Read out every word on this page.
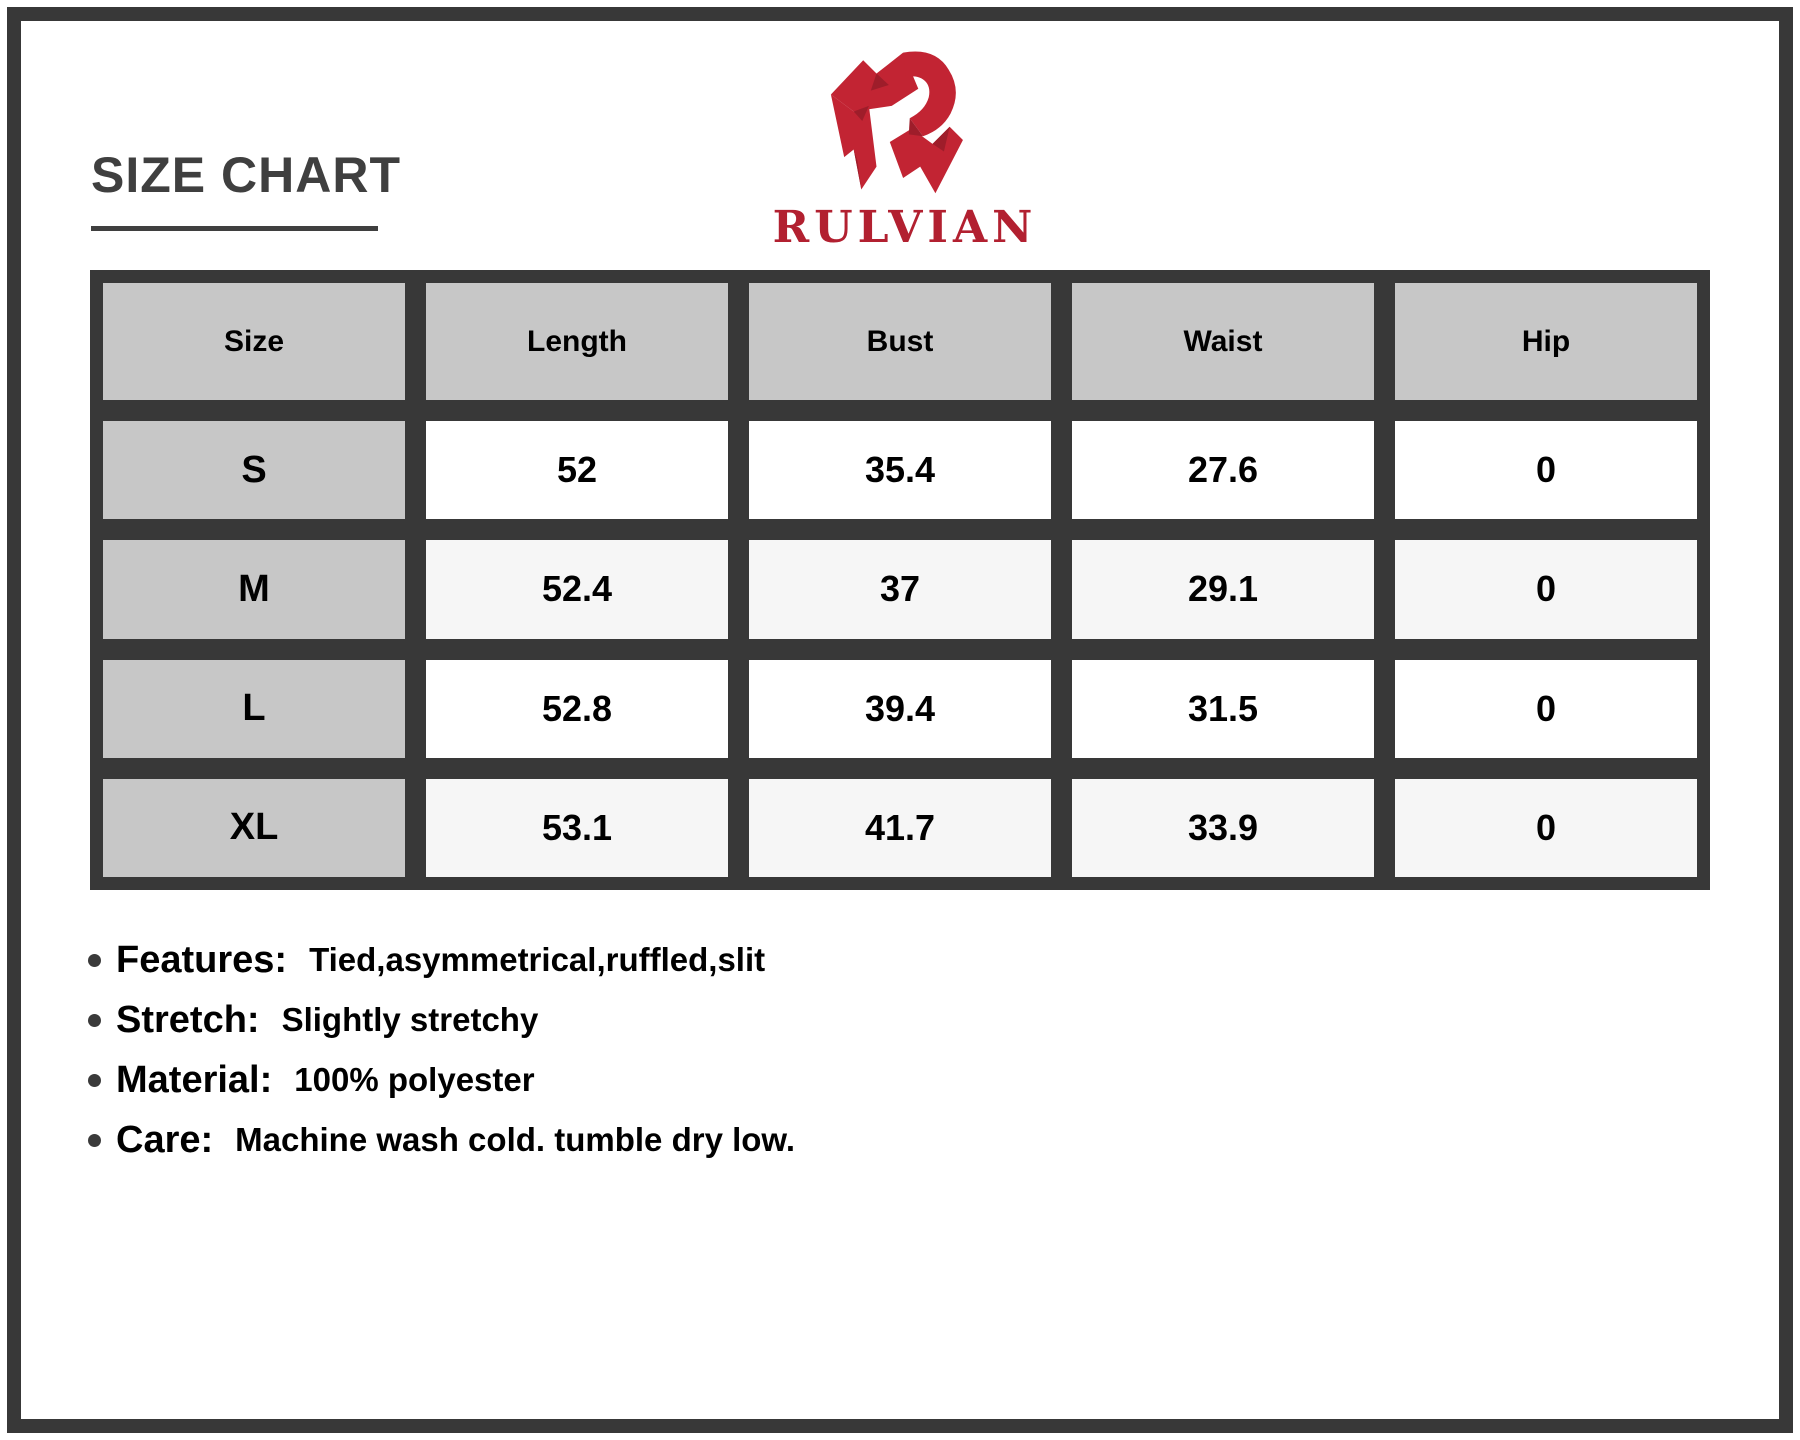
SIZE CHART
RULVIAN
Size	Length	Bust	Waist	Hip
S	52	35.4	27.6	0
M	52.4	37	29.1	0
L	52.8	39.4	31.5	0
XL	53.1	41.7	33.9	0
Features: Tied,asymmetrical,ruffled,slit
Stretch: Slightly stretchy
Material: 100% polyester
Care: Machine wash cold. tumble dry low.
